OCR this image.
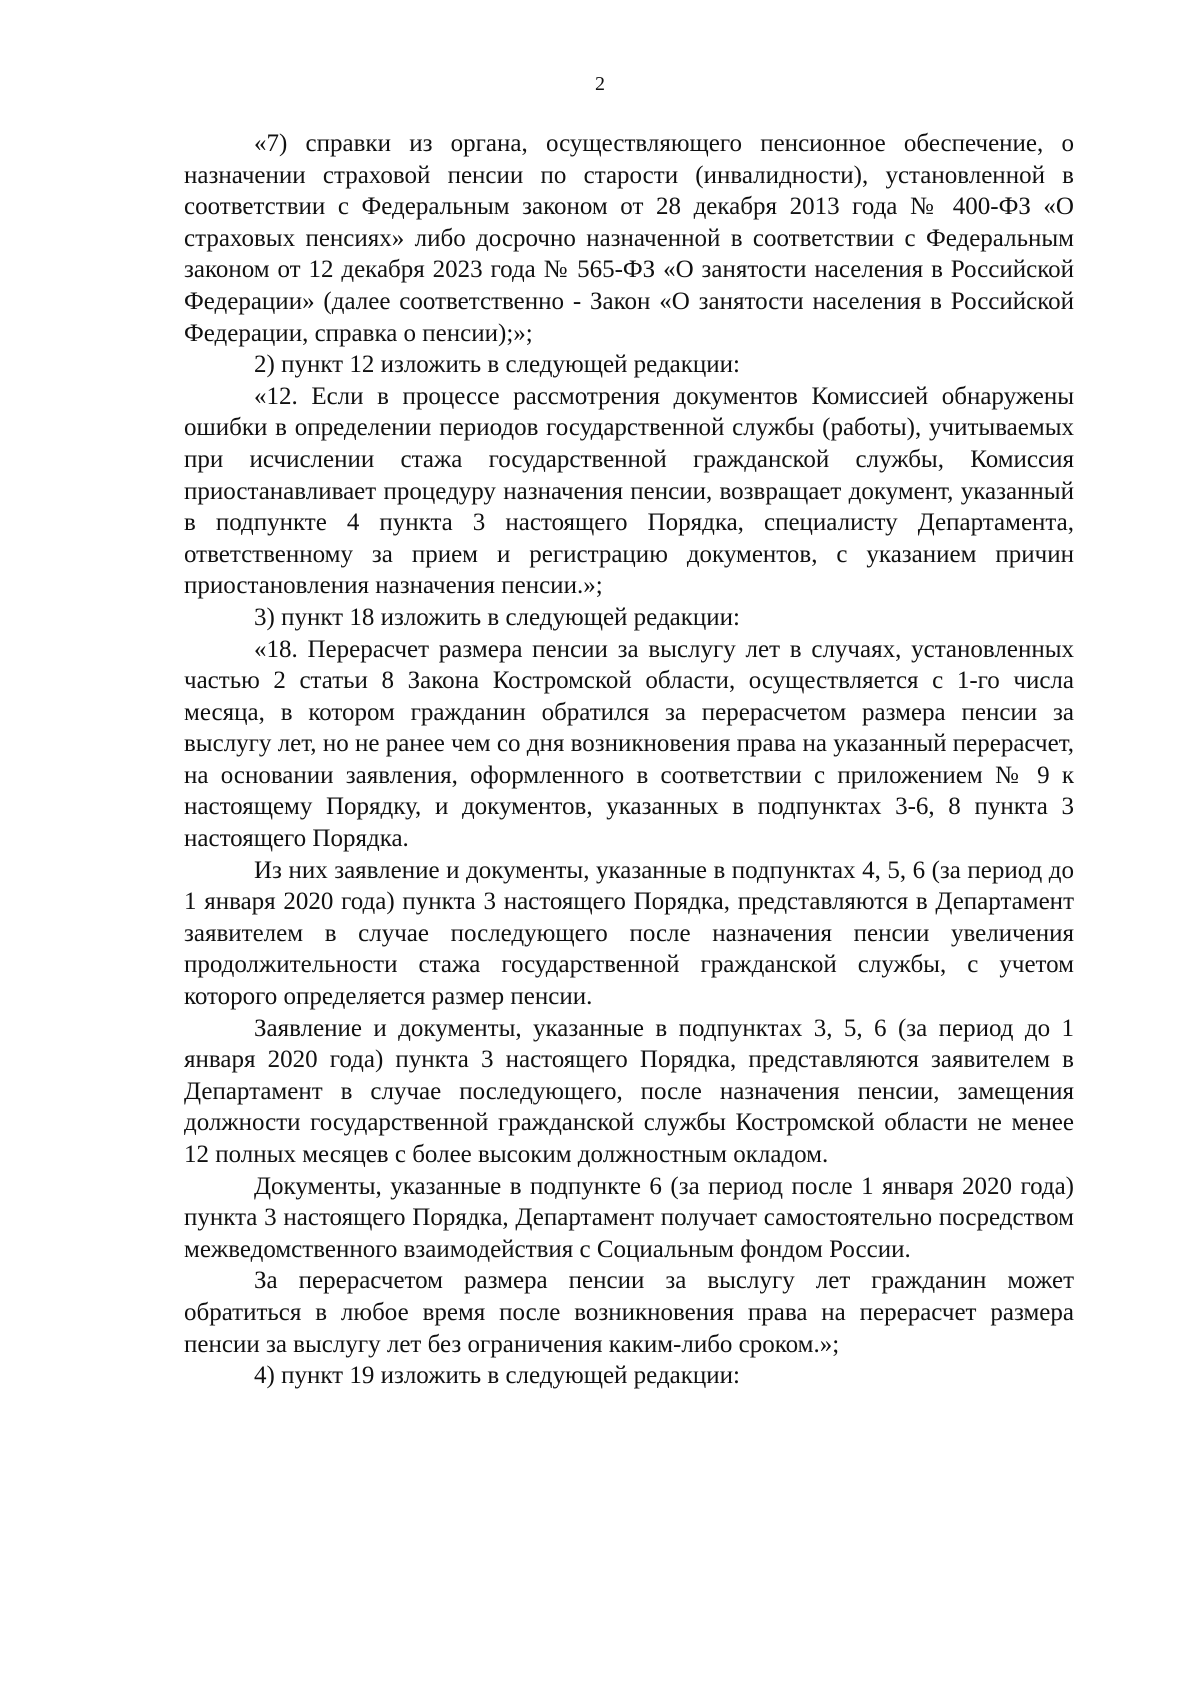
2

«7) справки из органа, осуществляющего пенсионное обеспечение, о назначении страховой пенсии по старости (инвалидности), установленной в соответствии с Федеральным законом от 28 декабря 2013 года № 400-ФЗ «О страховых пенсиях» либо досрочно назначенной в соответствии с Федеральным законом от 12 декабря 2023 года № 565-ФЗ «О занятости населения в Российской Федерации» (далее соответственно - Закон «О занятости населения в Российской Федерации, справка о пенсии);»;

2) пункт 12 изложить в следующей редакции:

«12. Если в процессе рассмотрения документов Комиссией обнаружены ошибки в определении периодов государственной службы (работы), учитываемых при исчислении стажа государственной гражданской службы, Комиссия приостанавливает процедуру назначения пенсии, возвращает документ, указанный в подпункте 4 пункта 3 настоящего Порядка, специалисту Департамента, ответственному за прием и регистрацию документов, с указанием причин приостановления назначения пенсии.»;

3) пункт 18 изложить в следующей редакции:

«18. Перерасчет размера пенсии за выслугу лет в случаях, установленных частью 2 статьи 8 Закона Костромской области, осуществляется с 1-го числа месяца, в котором гражданин обратился за перерасчетом размера пенсии за выслугу лет, но не ранее чем со дня возникновения права на указанный перерасчет, на основании заявления, оформленного в соответствии с приложением № 9 к настоящему Порядку, и документов, указанных в подпунктах 3-6, 8 пункта 3 настоящего Порядка.

Из них заявление и документы, указанные в подпунктах 4, 5, 6 (за период до 1 января 2020 года) пункта 3 настоящего Порядка, представляются в Департамент заявителем в случае последующего после назначения пенсии увеличения продолжительности стажа государственной гражданской службы, с учетом которого определяется размер пенсии.

Заявление и документы, указанные в подпунктах 3, 5, 6 (за период до 1 января 2020 года) пункта 3 настоящего Порядка, представляются заявителем в Департамент в случае последующего, после назначения пенсии, замещения должности государственной гражданской службы Костромской области не менее 12 полных месяцев с более высоким должностным окладом.

Документы, указанные в подпункте 6 (за период после 1 января 2020 года) пункта 3 настоящего Порядка, Департамент получает самостоятельно посредством межведомственного взаимодействия с Социальным фондом России.

За перерасчетом размера пенсии за выслугу лет гражданин может обратиться в любое время после возникновения права на перерасчет размера пенсии за выслугу лет без ограничения каким-либо сроком.»;

4) пункт 19 изложить в следующей редакции:
